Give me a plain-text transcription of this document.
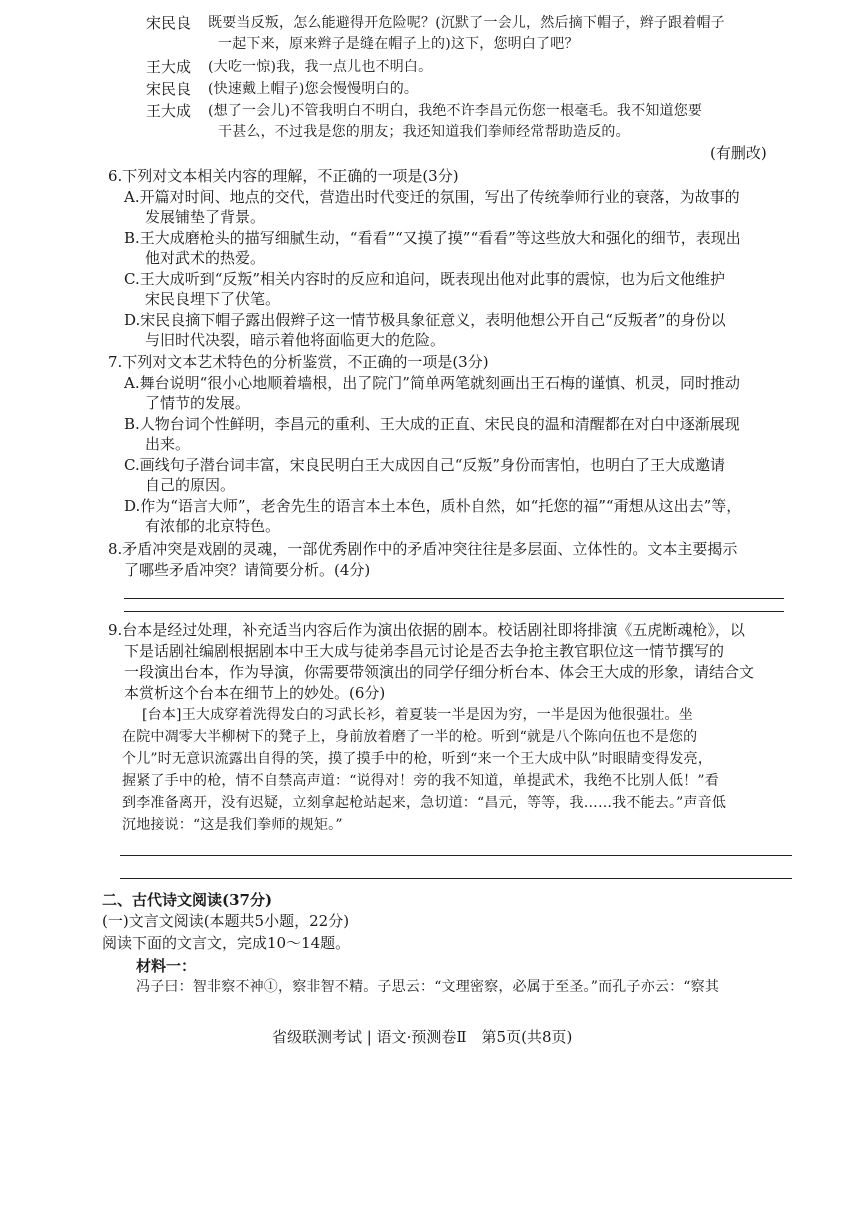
宋民良 既要当反叛，怎么能避得开危险呢？(沉默了一会儿，然后摘下帽子，辫子跟着帽子
一起下来，原来辫子是缝在帽子上的)这下，您明白了吧？
王大成 (大吃一惊)我，我一点儿也不明白。
宋民良 (快速戴上帽子)您会慢慢明白的。
王大成 (想了一会儿)不管我明白不明白，我绝不许李昌元伤您一根毫毛。我不知道您要
干甚么，不过我是您的朋友；我还知道我们拳师经常帮助造反的。
(有删改)
6.下列对文本相关内容的理解，不正确的一项是(3分)
A.开篇对时间、地点的交代，营造出时代变迁的氛围，写出了传统拳师行业的衰落，为故事的
发展铺垫了背景。
B.王大成磨枪头的描写细腻生动，“看看”“又摸了摸”“看看”等这些放大和强化的细节，表现出
他对武术的热爱。
C.王大成听到“反叛”相关内容时的反应和追问，既表现出他对此事的震惊，也为后文他维护
宋民良埋下了伏笔。
D.宋民良摘下帽子露出假辫子这一情节极具象征意义，表明他想公开自己“反叛者”的身份以
与旧时代决裂，暗示着他将面临更大的危险。
7.下列对文本艺术特色的分析鉴赏，不正确的一项是(3分)
A.舞台说明“很小心地顺着墙根，出了院门”简单两笔就刻画出王石梅的谨慎、机灵，同时推动
了情节的发展。
B.人物台词个性鲜明，李昌元的重利、王大成的正直、宋民良的温和清醒都在对白中逐渐展现
出来。
C.画线句子潜台词丰富，宋良民明白王大成因自己“反叛”身份而害怕，也明白了王大成邀请
自己的原因。
D.作为“语言大师”，老舍先生的语言本土本色，质朴自然，如“托您的福”“甭想从这出去”等，
有浓郁的北京特色。
8.矛盾冲突是戏剧的灵魂，一部优秀剧作中的矛盾冲突往往是多层面、立体性的。文本主要揭示
了哪些矛盾冲突？请简要分析。(4分)
9.台本是经过处理，补充适当内容后作为演出依据的剧本。校话剧社即将排演《五虎断魂枪》，以
下是话剧社编剧根据剧本中王大成与徒弟李昌元讨论是否去争抢主教官职位这一情节撰写的
一段演出台本，作为导演，你需要带领演出的同学仔细分析台本、体会王大成的形象，请结合文
本赏析这个台本在细节上的妙处。(6分)
[台本]王大成穿着洗得发白的习武长衫，着夏装一半是因为穷，一半是因为他很强壮。坐
在院中凋零大半柳树下的凳子上，身前放着磨了一半的枪。听到“就是八个陈向伍也不是您的
个儿”时无意识流露出自得的笑，摸了摸手中的枪，听到“来一个王大成中队”时眼睛变得发亮，
握紧了手中的枪，情不自禁高声道：“说得对！旁的我不知道，单提武术，我绝不比别人低！”看
到李准备离开，没有迟疑，立刻拿起枪站起来，急切道：“昌元，等等，我……我不能去。”声音低
沉地接说：“这是我们拳师的规矩。”
二、古代诗文阅读(37分)
(一)文言文阅读(本题共5小题，22分)
阅读下面的文言文，完成10～14题。
材料一：
冯子曰：智非察不神①，察非智不精。子思云：“文理密察，必属于至圣。”而孔子亦云：“察其
省级联测考试 | 语文·预测卷Ⅱ　第5页(共8页)
